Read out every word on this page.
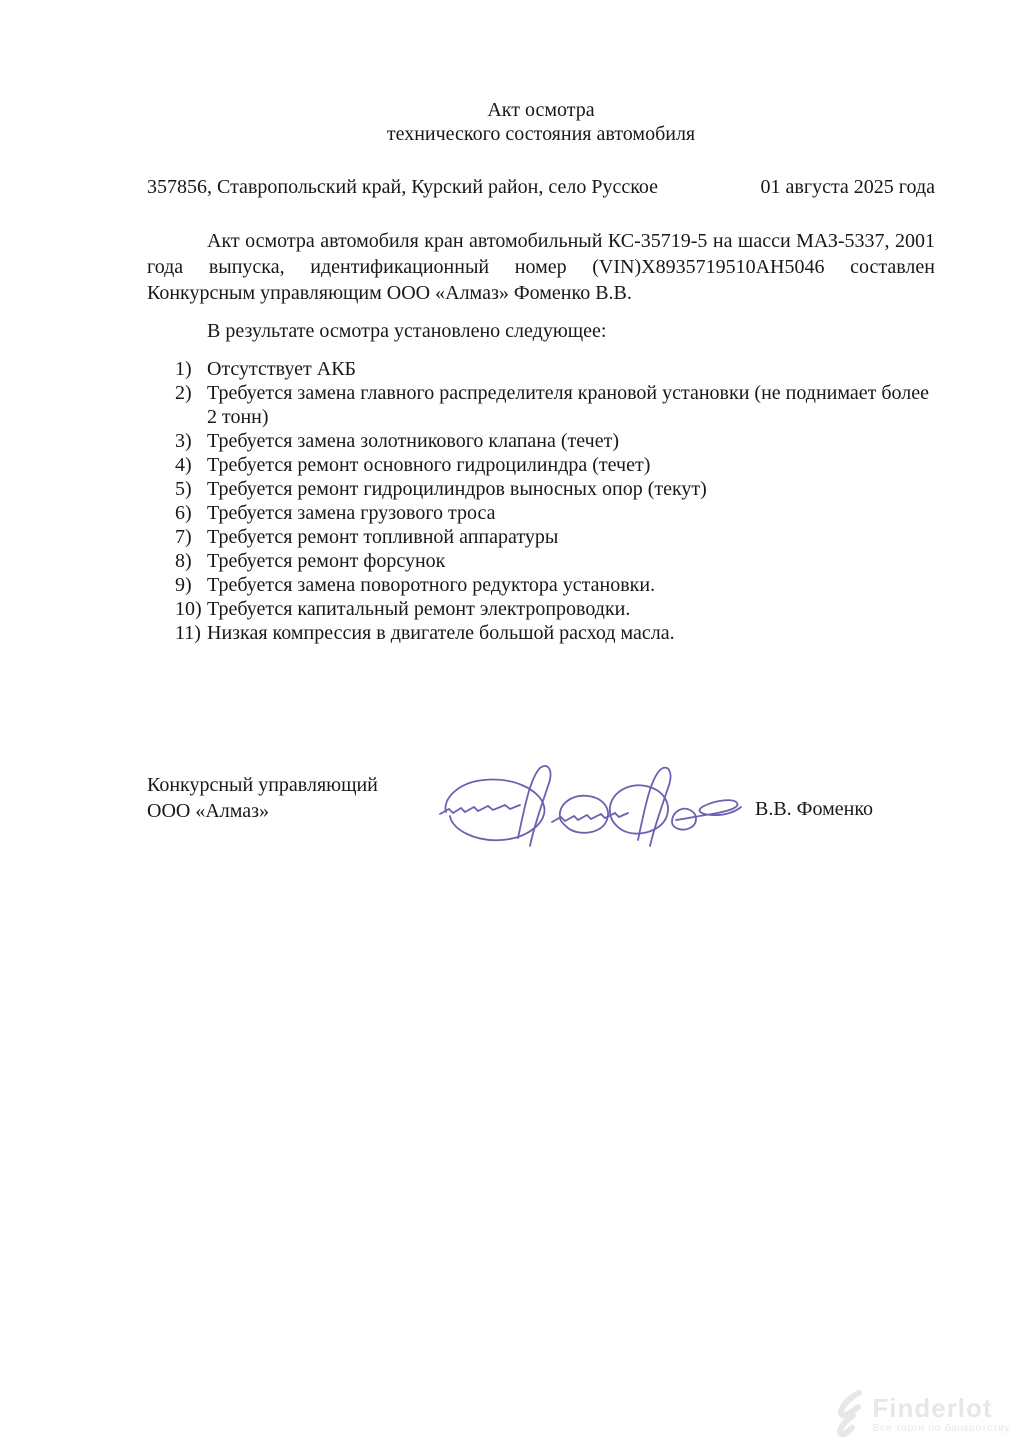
Акт осмотра
технического состояния автомобиля
357856, Ставропольский край, Курский район, село Русское	01 августа 2025 года

Акт осмотра автомобиля кран автомобильный КС-35719-5 на шасси МАЗ-5337, 2001 года выпуска, идентификационный номер (VIN)X8935719510AH5046 составлен Конкурсным управляющим ООО «Алмаз» Фоменко В.В.

В результате осмотра установлено следующее:

1) Отсутствует АКБ
2) Требуется замена главного распределителя крановой установки (не поднимает более 2 тонн)
3) Требуется замена золотникового клапана (течет)
4) Требуется ремонт основного гидроцилиндра (течет)
5) Требуется ремонт гидроцилиндров выносных опор (текут)
6) Требуется замена грузового троса
7) Требуется ремонт топливной аппаратуры
8) Требуется ремонт форсунок
9) Требуется замена поворотного редуктора установки.
10) Требуется капитальный ремонт электропроводки.
11) Низкая компрессия в двигателе большой расход масла.
Конкурсный управляющий
ООО «Алмаз»	В.В. Фоменко
Finderlot
Все торги по банкротству
